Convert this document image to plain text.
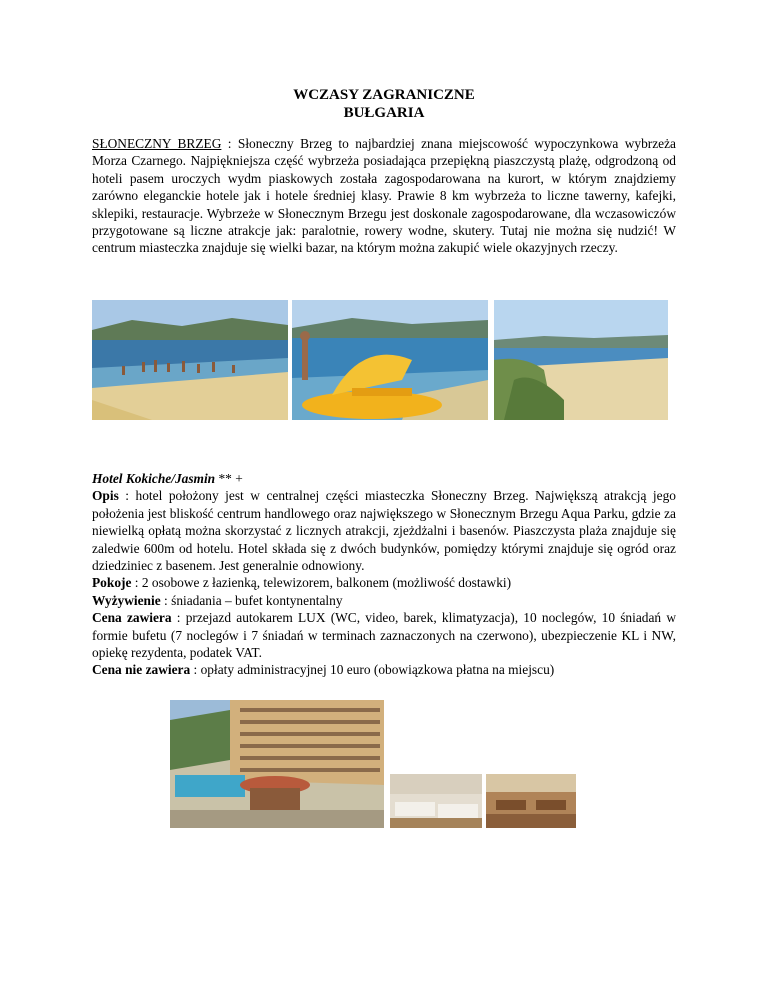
WCZASY ZAGRANICZNE
BUŁGARIA
SŁONECZNY BRZEG : Słoneczny Brzeg to najbardziej znana miejscowość wypoczynkowa wybrzeża Morza Czarnego. Najpiękniejsza część wybrzeża posiadająca przepiękną piaszczystą plażę, odgrodzoną od hoteli pasem uroczych wydm piaskowych została zagospodarowana na kurort, w którym znajdziemy zarówno eleganckie hotele jak i hotele średniej klasy. Prawie 8 km wybrzeża to liczne tawerny, kafejki, sklepiki, restauracje. Wybrzeże w Słonecznym Brzegu jest doskonale zagospodarowane, dla wczasowiczów przygotowane są liczne atrakcje jak: paralotnie, rowery wodne, skutery. Tutaj nie można się nudzić! W centrum miasteczka znajduje się wielki bazar, na którym można zakupić wiele okazyjnych rzeczy.

Hotel Kokiche/Jasmin ** +

Opis : hotel położony jest w centralnej części miasteczka Słoneczny Brzeg. Największą atrakcją jego położenia jest bliskość centrum handlowego oraz największego w Słonecznym Brzegu Aqua Parku, gdzie za niewielką opłatą można skorzystać z licznych atrakcji, zjeżdżalni i basenów. Piaszczysta plaża znajduje się zaledwie 600m od hotelu. Hotel składa się z dwóch budynków, pomiędzy którymi znajduje się ogród oraz dziedziniec z basenem. Jest generalnie odnowiony.

Pokoje : 2 osobowe z łazienką, telewizorem, balkonem (możliwość dostawki)

Wyżywienie : śniadania – bufet kontynentalny

Cena zawiera : przejazd autokarem LUX (WC, video, barek, klimatyzacja), 10 noclegów, 10 śniadań w formie bufetu (7 noclegów i 7 śniadań w terminach zaznaczonych na czerwono), ubezpieczenie KL i NW, opiekę rezydenta, podatek VAT.

Cena nie zawiera : opłaty administracyjnej 10 euro (obowiązkowa płatna na miejscu)
